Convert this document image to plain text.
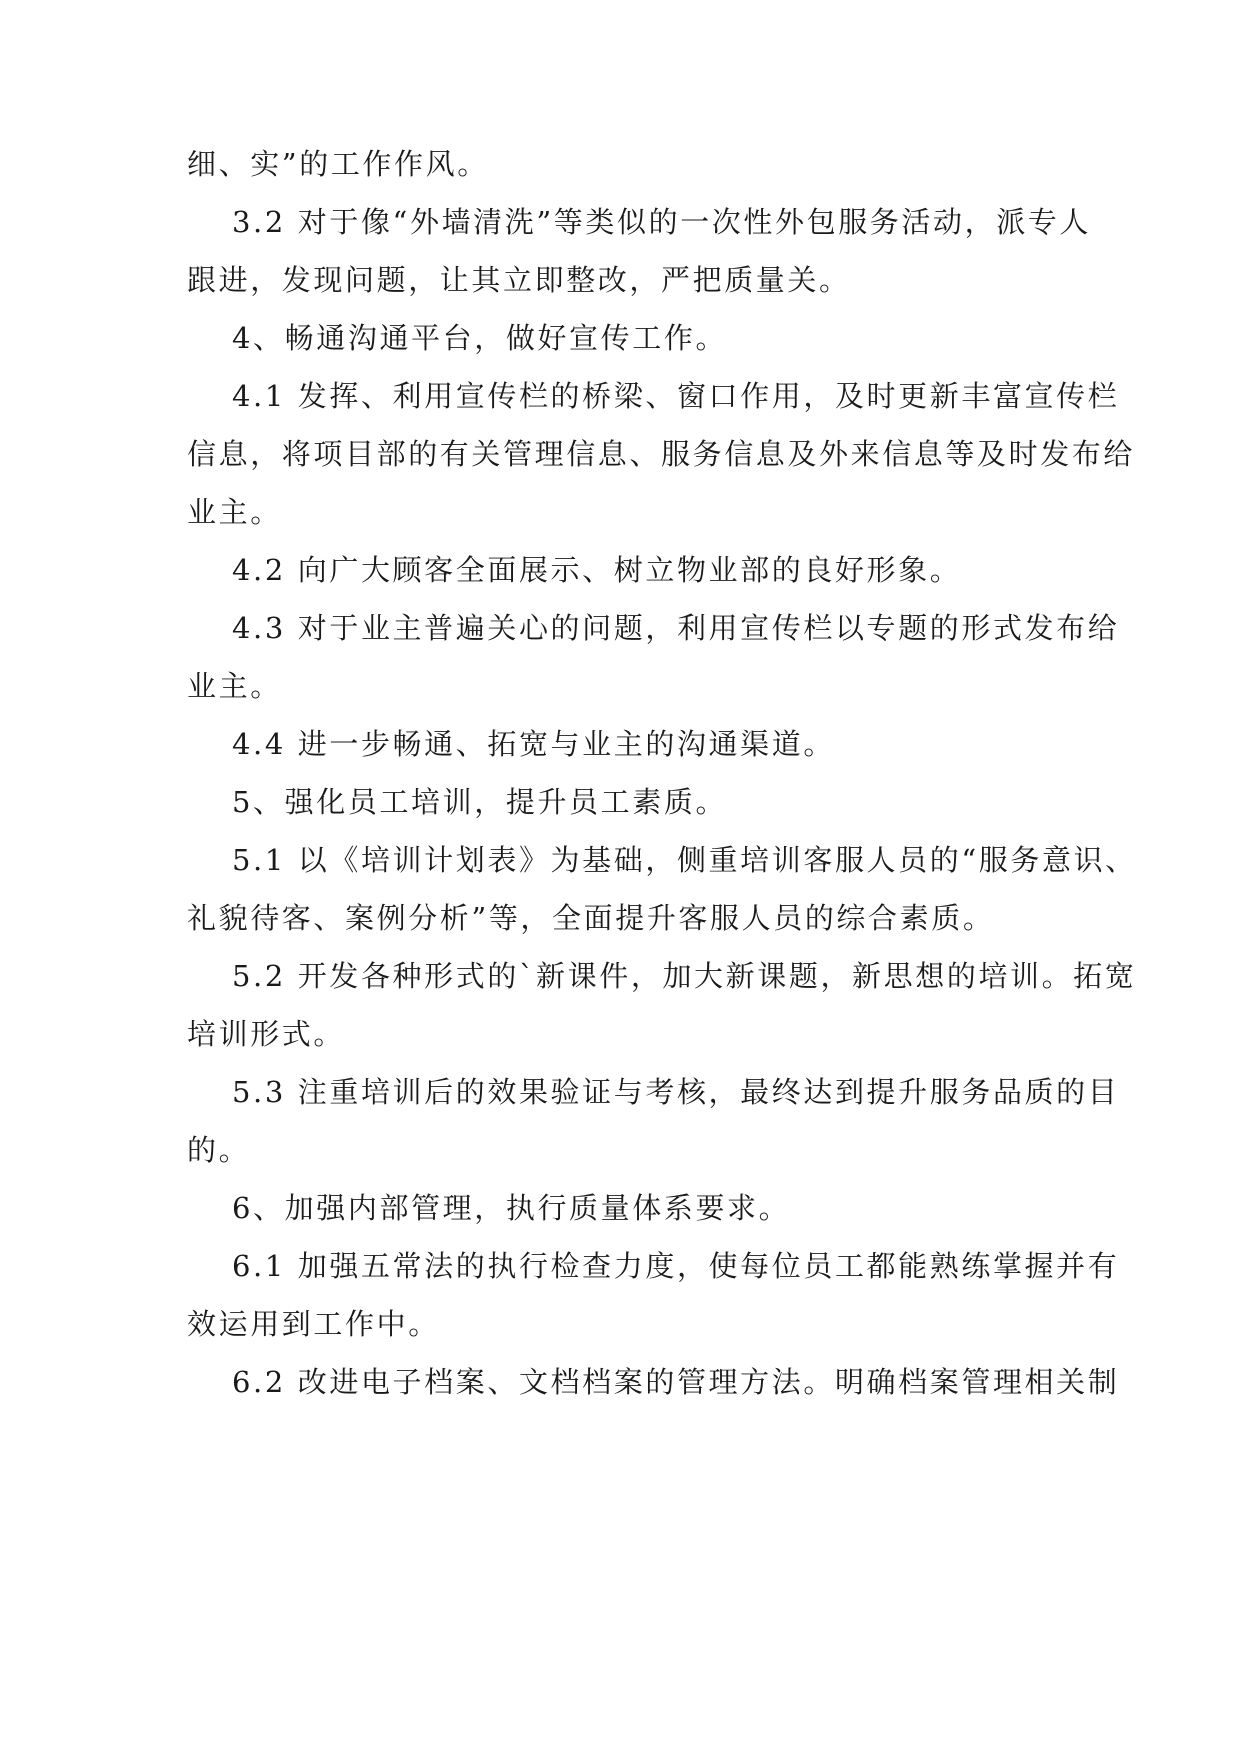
细、实”的工作作风。
3.2 对于像“外墙清洗”等类似的一次性外包服务活动，派专人
跟进，发现问题，让其立即整改，严把质量关。
4、畅通沟通平台，做好宣传工作。
4.1 发挥、利用宣传栏的桥梁、窗口作用，及时更新丰富宣传栏
信息，将项目部的有关管理信息、服务信息及外来信息等及时发布给
业主。
4.2 向广大顾客全面展示、树立物业部的良好形象。
4.3 对于业主普遍关心的问题，利用宣传栏以专题的形式发布给
业主。
4.4 进一步畅通、拓宽与业主的沟通渠道。
5、强化员工培训，提升员工素质。
5.1 以《培训计划表》为基础，侧重培训客服人员的“服务意识、
礼貌待客、案例分析”等，全面提升客服人员的综合素质。
5.2 开发各种形式的`新课件，加大新课题，新思想的培训。拓宽
培训形式。
5.3 注重培训后的效果验证与考核，最终达到提升服务品质的目
的。
6、加强内部管理，执行质量体系要求。
6.1 加强五常法的执行检查力度，使每位员工都能熟练掌握并有
效运用到工作中。
6.2 改进电子档案、文档档案的管理方法。明确档案管理相关制
